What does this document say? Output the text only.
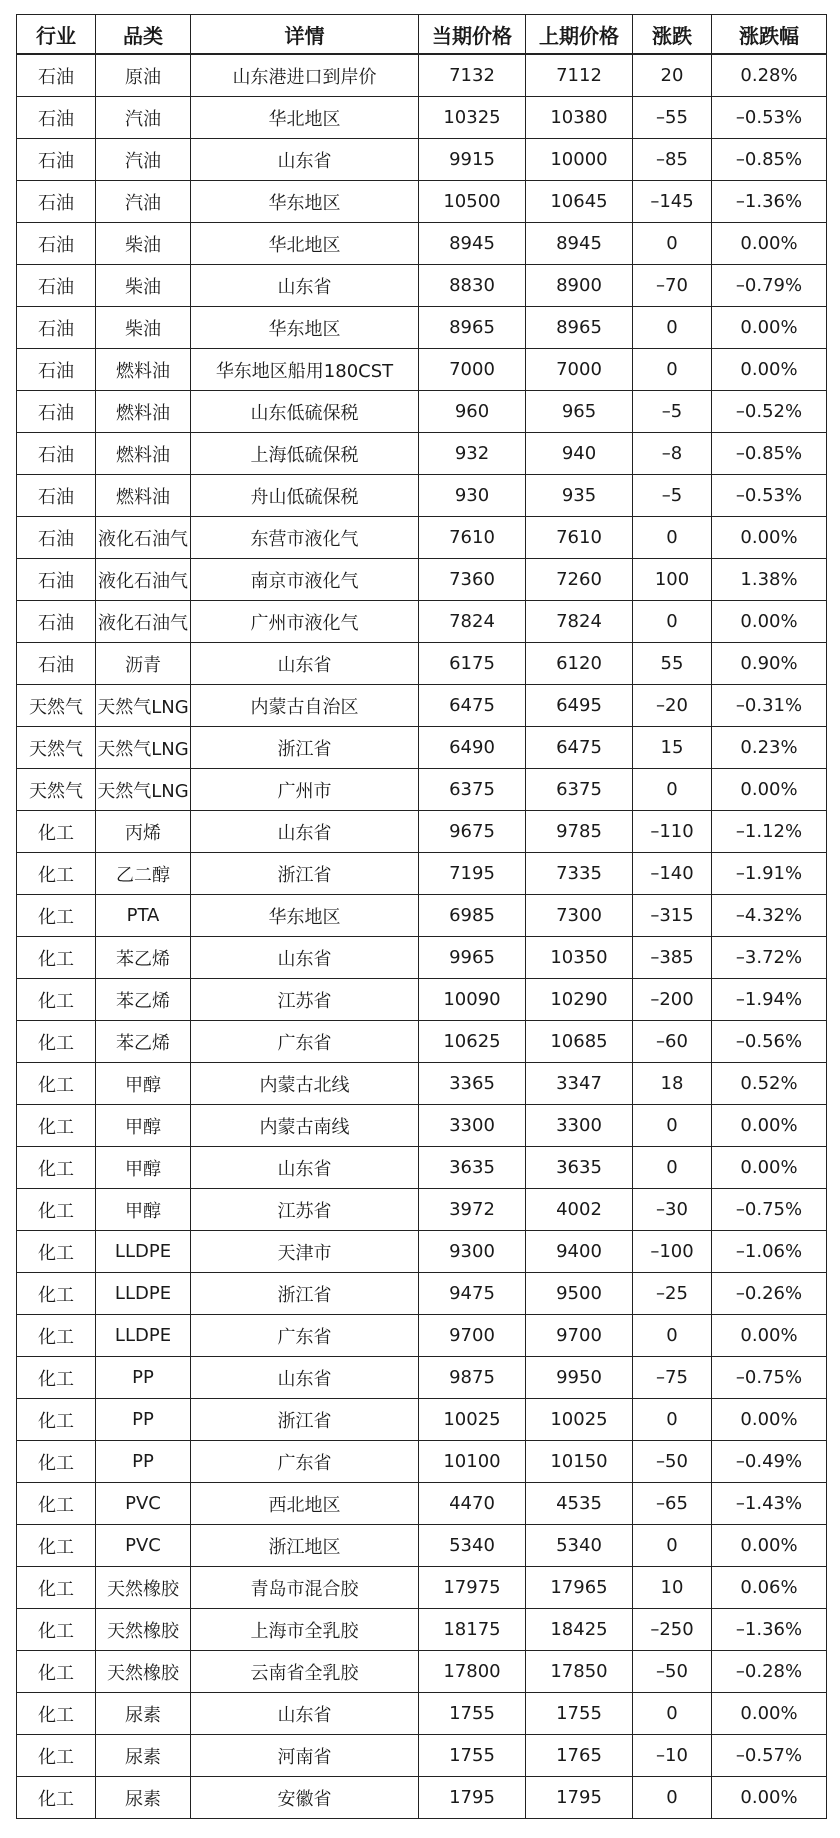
行业	品类	详情	当期价格	上期价格	涨跌	涨跌幅
石油	原油	山东港进口到岸价	7132	7112	20	0.28%
石油	汽油	华北地区	10325	10380	–55	–0.53%
石油	汽油	山东省	9915	10000	–85	–0.85%
石油	汽油	华东地区	10500	10645	–145	–1.36%
石油	柴油	华北地区	8945	8945	0	0.00%
石油	柴油	山东省	8830	8900	–70	–0.79%
石油	柴油	华东地区	8965	8965	0	0.00%
石油	燃料油	华东地区船用180CST	7000	7000	0	0.00%
石油	燃料油	山东低硫保税	960	965	–5	–0.52%
石油	燃料油	上海低硫保税	932	940	–8	–0.85%
石油	燃料油	舟山低硫保税	930	935	–5	–0.53%
石油	液化石油气	东营市液化气	7610	7610	0	0.00%
石油	液化石油气	南京市液化气	7360	7260	100	1.38%
石油	液化石油气	广州市液化气	7824	7824	0	0.00%
石油	沥青	山东省	6175	6120	55	0.90%
天然气	天然气LNG	内蒙古自治区	6475	6495	–20	–0.31%
天然气	天然气LNG	浙江省	6490	6475	15	0.23%
天然气	天然气LNG	广州市	6375	6375	0	0.00%
化工	丙烯	山东省	9675	9785	–110	–1.12%
化工	乙二醇	浙江省	7195	7335	–140	–1.91%
化工	PTA	华东地区	6985	7300	–315	–4.32%
化工	苯乙烯	山东省	9965	10350	–385	–3.72%
化工	苯乙烯	江苏省	10090	10290	–200	–1.94%
化工	苯乙烯	广东省	10625	10685	–60	–0.56%
化工	甲醇	内蒙古北线	3365	3347	18	0.52%
化工	甲醇	内蒙古南线	3300	3300	0	0.00%
化工	甲醇	山东省	3635	3635	0	0.00%
化工	甲醇	江苏省	3972	4002	–30	–0.75%
化工	LLDPE	天津市	9300	9400	–100	–1.06%
化工	LLDPE	浙江省	9475	9500	–25	–0.26%
化工	LLDPE	广东省	9700	9700	0	0.00%
化工	PP	山东省	9875	9950	–75	–0.75%
化工	PP	浙江省	10025	10025	0	0.00%
化工	PP	广东省	10100	10150	–50	–0.49%
化工	PVC	西北地区	4470	4535	–65	–1.43%
化工	PVC	浙江地区	5340	5340	0	0.00%
化工	天然橡胶	青岛市混合胶	17975	17965	10	0.06%
化工	天然橡胶	上海市全乳胶	18175	18425	–250	–1.36%
化工	天然橡胶	云南省全乳胶	17800	17850	–50	–0.28%
化工	尿素	山东省	1755	1755	0	0.00%
化工	尿素	河南省	1755	1765	–10	–0.57%
化工	尿素	安徽省	1795	1795	0	0.00%
